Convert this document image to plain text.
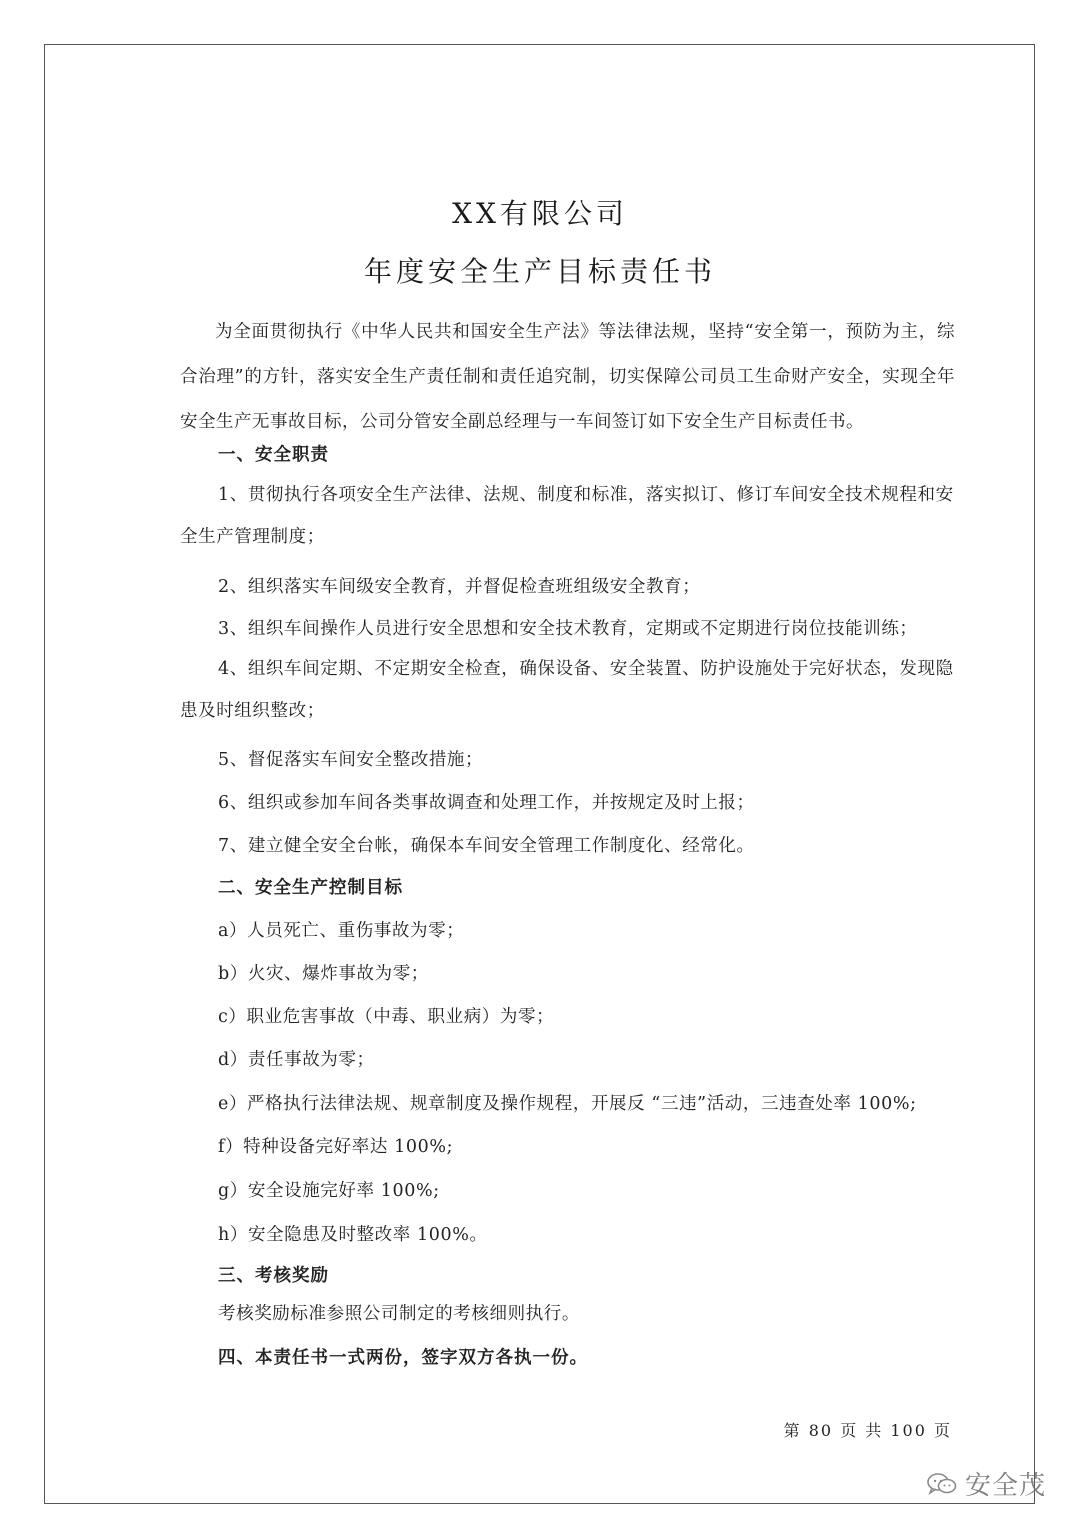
XX有限公司
年度安全生产目标责任书

为全面贯彻执行《中华人民共和国安全生产法》等法律法规，坚持“安全第一，预防为主，综合治理”的方针，落实安全生产责任制和责任追究制，切实保障公司员工生命财产安全，实现全年安全生产无事故目标，公司分管安全副总经理与一车间签订如下安全生产目标责任书。

一、安全职责

1、贯彻执行各项安全生产法律、法规、制度和标准，落实拟订、修订车间安全技术规程和安全生产管理制度；

2、组织落实车间级安全教育，并督促检查班组级安全教育；

3、组织车间操作人员进行安全思想和安全技术教育，定期或不定期进行岗位技能训练；

4、组织车间定期、不定期安全检查，确保设备、安全装置、防护设施处于完好状态，发现隐患及时组织整改；

5、督促落实车间安全整改措施；

6、组织或参加车间各类事故调查和处理工作，并按规定及时上报；

7、建立健全安全台帐，确保本车间安全管理工作制度化、经常化。

二、安全生产控制目标

a）人员死亡、重伤事故为零；

b）火灾、爆炸事故为零；

c）职业危害事故（中毒、职业病）为零；

d）责任事故为零；

e）严格执行法律法规、规章制度及操作规程，开展反 “三违”活动，三违查处率 100%;

f）特种设备完好率达 100%;

g）安全设施完好率 100%;

h）安全隐患及时整改率 100%。

三、考核奖励

考核奖励标准参照公司制定的考核细则执行。

四、本责任书一式两份，签字双方各执一份。

第 80 页 共 100 页
安全茂
